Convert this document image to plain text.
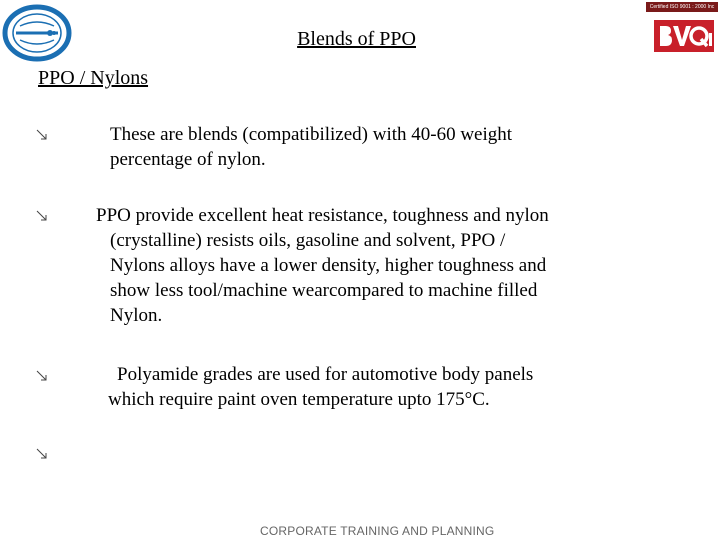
Certified ISO 9001 : 2000 Inc
Blends of PPO
PPO / Nylons
These are blends (compatibilized) with 40-60 weight
percentage of nylon.
PPO provide excellent heat resistance, toughness and nylon
(crystalline) resists oils, gasoline and solvent, PPO /
Nylons alloys have a lower density, higher toughness and
show less tool/machine wearcompared to machine filled
Nylon.
Polyamide grades are used for automotive body panels
which require paint oven temperature upto 175°C.
CORPORATE TRAINING AND PLANNING
